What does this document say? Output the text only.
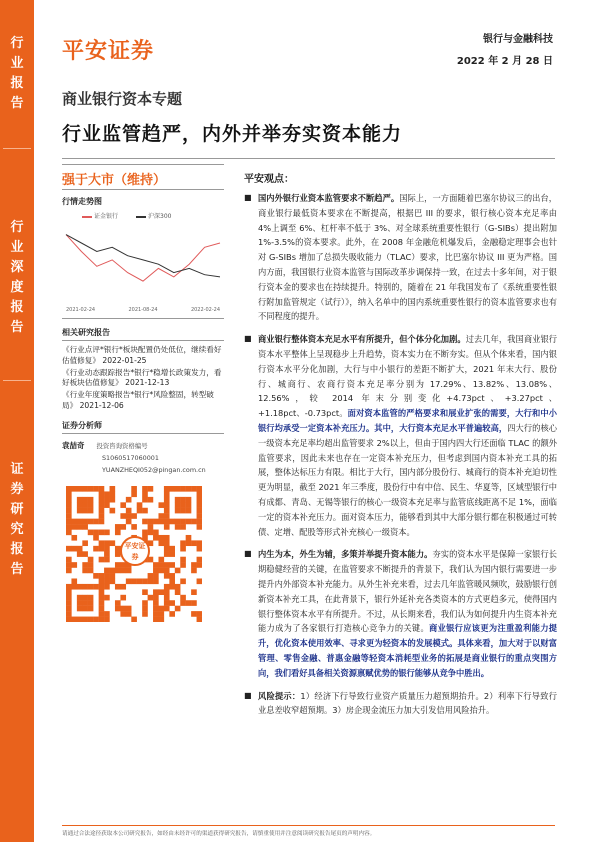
行
业
报
告
行
业
深
度
报
告
证
券
研
究
报
告
平安证券	银行与金融科技
2022 年 2 月 28 日
商业银行资本专题
行业监管趋严，内外并举夯实资本能力
强于大市（维持）
行情走势图
证金银行	沪深300
2021-02-24	2021-08-24	2022-02-24
相关研究报告
《行业点评*银行*板块配置仍处低位，继续看好估值修复》 2022-01-25
《行业动态跟踪报告*银行*稳增长政策发力，看好板块估值修复》 2021-12-13
《行业年度策略报告*银行*风险整固，转型破局》 2021-12-06
证券分析师
袁喆奇 投资咨询资格编号
S1060517060001
YUANZHEQI052@pingan.com.cn
平安证券
平安观点：
■ 国内外银行业资本监管要求不断趋严。国际上，一方面随着巴塞尔协议三的出台，商业银行最低资本要求在不断提高，根据巴 III 的要求，银行核心资本充足率由 4%上调至 6%、杠杆率不低于 3%、对全球系统重要性银行（G-SIBs）提出附加 1%-3.5%的资本要求。此外，在 2008 年金融危机爆发后，金融稳定理事会也针对 G-SIBs 增加了总损失吸收能力（TLAC）要求，比巴塞尔协议 III 更为严格。国内方面，我国银行业资本监管与国际改革步调保持一致，在过去十多年间，对于银行资本金的要求也在持续提升。特别的，随着在 21 年我国发布了《系统重要性银行附加监管规定（试行）》，纳入名单中的国内系统重要性银行的资本监管要求也有不同程度的提升。
■ 商业银行整体资本充足水平有所提升，但个体分化加剧。过去几年，我国商业银行资本水平整体上呈现稳步上升趋势，资本实力在不断夯实。但从个体来看，国内银行资本水平分化加剧，大行与中小银行的差距不断扩大，2021 年末大行、股份行、城商行、农商行资本充足率分别为 17.29%、13.82%、13.08%、12.56%，较 2014 年末分别变化+4.73pct、+3.27pct、+1.18pct、-0.73pct。面对资本监管的严格要求和展业扩张的需要，大行和中小银行均承受一定资本补充压力。其中，大行资本充足水平普遍较高，四大行的核心一级资本充足率均超出监管要求 2%以上，但由于国内四大行还面临 TLAC 的额外监管要求，因此未来也存在一定资本补充压力，但考虑到国内资本补充工具的拓展，整体达标压力有限。相比于大行，国内部分股份行、城商行的资本补充迫切性更为明显，截至 2021 年三季度，股份行中有中信、民生、华夏等，区域型银行中有成都、青岛、无锡等银行的核心一级资本充足率与监管底线距离不足 1%，面临一定的资本补充压力。面对资本压力，能够看到其中大部分银行都在积极通过可转债、定增、配股等形式补充核心一级资本。
■ 内生为本，外生为辅，多策并举提升资本能力。夯实的资本水平是保障一家银行长期稳健经营的关键，在监管要求不断提升的背景下，我们认为国内银行需要进一步提升内外部资本补充能力。从外生补充来看，过去几年监管暖风频吹，鼓励银行创新资本补充工具，在此背景下，银行外延补充各类资本的方式更趋多元，使得国内银行整体资本水平有所提升。不过，从长期来看，我们认为如何提升内生资本补充能力成为了各家银行打造核心竞争力的关键。商业银行应该更为注重盈利能力提升，优化资本使用效率、寻求更为轻资本的发展模式。具体来看，加大对于以财富管理、零售金融、普惠金融等轻资本消耗型业务的拓展是商业银行的重点突围方向，我们看好具备相关资源禀赋优势的银行能够从竞争中胜出。
■ 风险提示：1）经济下行导致行业资产质量压力超预期抬升。2）利率下行导致行业息差收窄超预期。3）房企现金流压力加大引发信用风险抬升。
请通过合法途径获取本公司研究报告，如经由未经许可的渠道获得研究报告，请慎重使用并注意阅读研究报告尾页的声明内容。
